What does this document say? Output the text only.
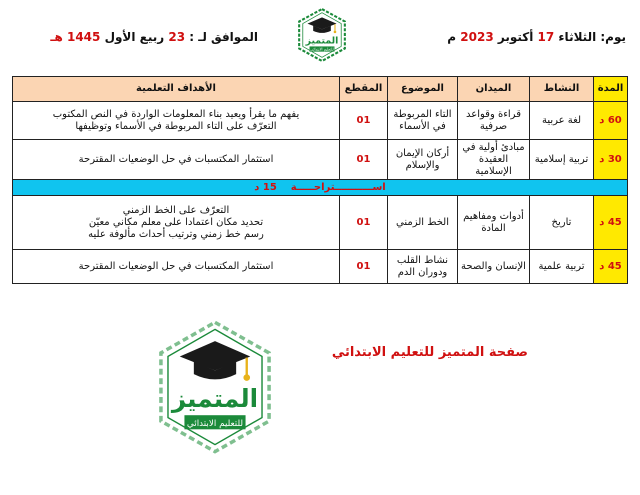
يوم: الثلاثاء 17 أكتوبر 2023 م
الموافق لـ : 23 ربيع الأول 1445 هـ	المتميز
للتعليم الابتدائي
المدة	النشاط	الميدان	الموضوع	المقطع	الأهداف التعلمية
60 د	لغة عربية	قراءة وقواعد صرفية	التاء المربوطة في الأسماء	01	يفهم ما يقرأ ويعيد بناء المعلومات الواردة في النص المكتوب
التعرّف على التاء المربوطة في الأسماء وتوظيفها

30 د	تربية إسلامية	مبادئ أولية في العقيدة الإسلامية	أركان الإيمان والإسلام	01	استثمار المكتسبات في حل الوضعيات المقترحة

اســـــــــــتراحـــــة    15 د					
45 د	تاريخ	أدوات ومفاهيم المادة	الخط الزمني	01	التعرّف على الخط الزمني
تحديد مكان اعتمادا على معلم مكاني معيّن
رسم خط زمني وترتيب أحداث مألوفة عليه

45 د	تربية علمية	الإنسان والصحة	نشاط القلب ودوران الدم	01	استثمار المكتسبات في حل الوضعيات المقترحة
صفحة المتميز للتعليم الابتدائي
المتميز
للتعليم الابتدائي
